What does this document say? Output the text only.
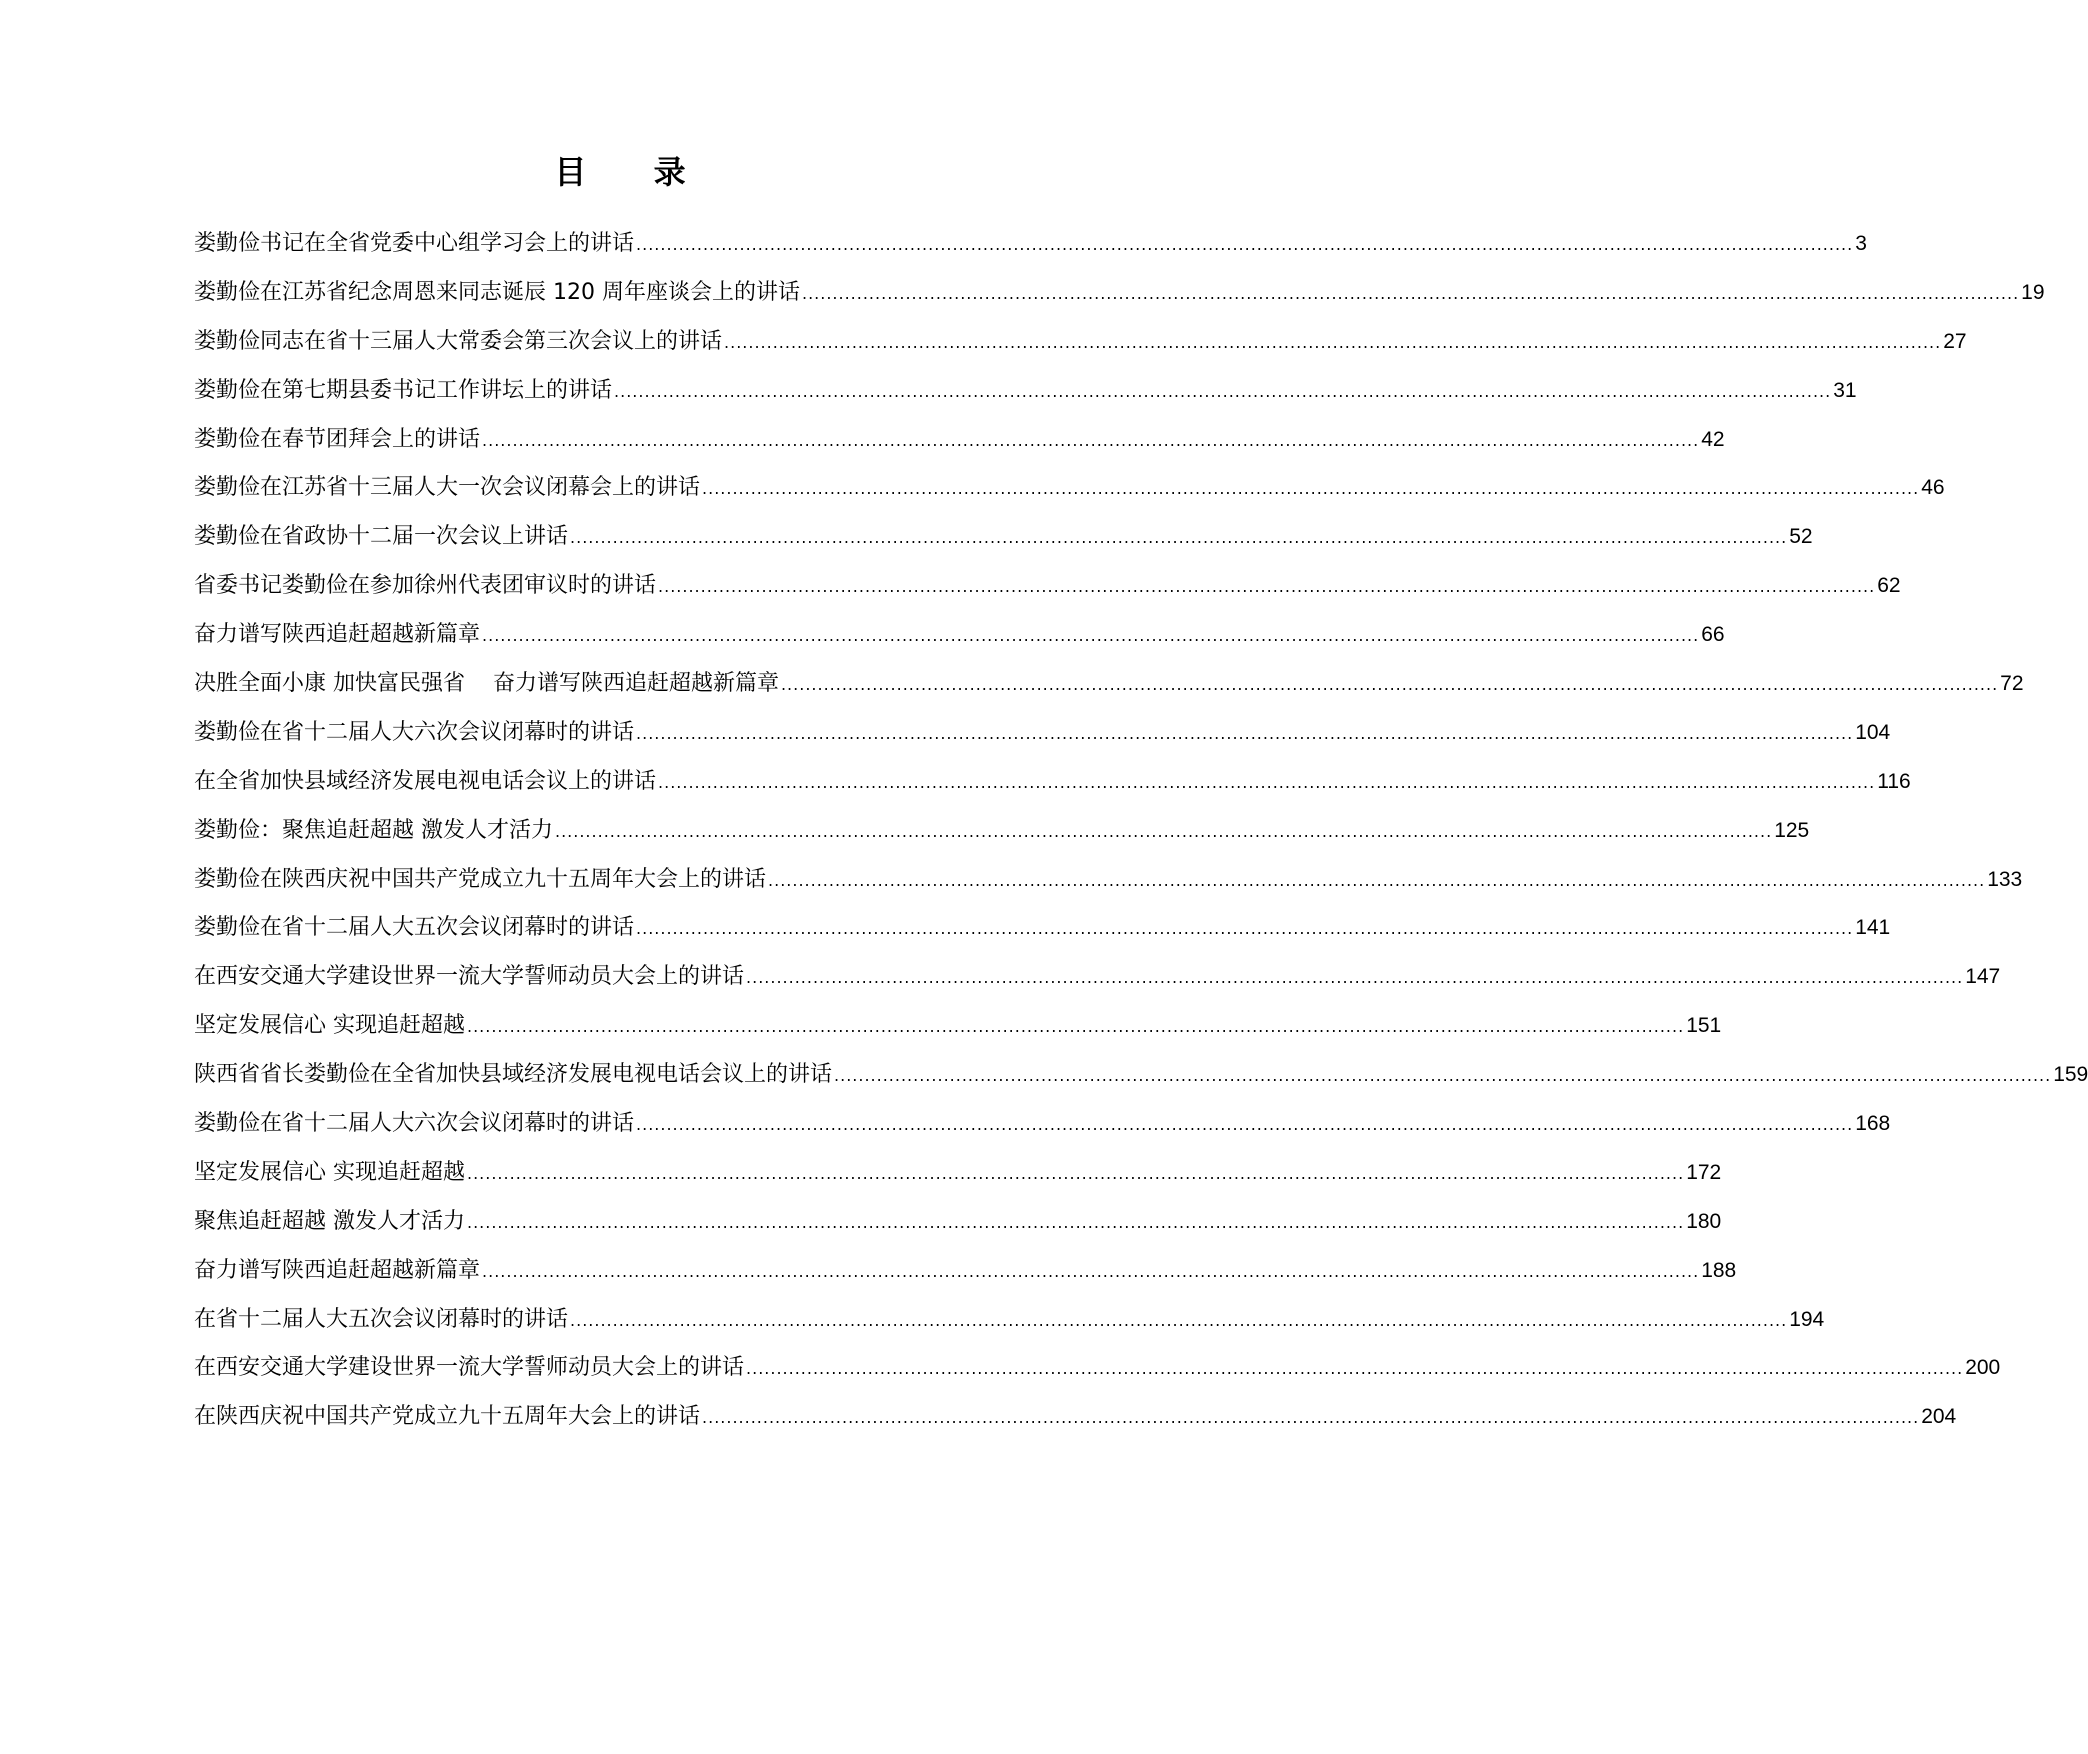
目 录
娄勤俭书记在全省党委中心组学习会上的讲话 ........................................................................................................................................................................................................ 3
娄勤俭在江苏省纪念周恩来同志诞辰 120 周年座谈会上的讲话 ........................................................................................................................................................................................................ 19
娄勤俭同志在省十三届人大常委会第三次会议上的讲话 ........................................................................................................................................................................................................ 27
娄勤俭在第七期县委书记工作讲坛上的讲话 ........................................................................................................................................................................................................ 31
娄勤俭在春节团拜会上的讲话 ........................................................................................................................................................................................................ 42
娄勤俭在江苏省十三届人大一次会议闭幕会上的讲话 ........................................................................................................................................................................................................ 46
娄勤俭在省政协十二届一次会议上讲话 ........................................................................................................................................................................................................ 52
省委书记娄勤俭在参加徐州代表团审议时的讲话 ........................................................................................................................................................................................................ 62
奋力谱写陕西追赶超越新篇章 ........................................................................................................................................................................................................ 66
决胜全面小康 加快富民强省    奋力谱写陕西追赶超越新篇章 ........................................................................................................................................................................................................ 72
娄勤俭在省十二届人大六次会议闭幕时的讲话 ........................................................................................................................................................................................................ 104
在全省加快县域经济发展电视电话会议上的讲话 ........................................................................................................................................................................................................ 116
娄勤俭：聚焦追赶超越 激发人才活力 ........................................................................................................................................................................................................ 125
娄勤俭在陕西庆祝中国共产党成立九十五周年大会上的讲话 ........................................................................................................................................................................................................ 133
娄勤俭在省十二届人大五次会议闭幕时的讲话 ........................................................................................................................................................................................................ 141
在西安交通大学建设世界一流大学誓师动员大会上的讲话 ........................................................................................................................................................................................................ 147
坚定发展信心 实现追赶超越 ........................................................................................................................................................................................................ 151
陕西省省长娄勤俭在全省加快县域经济发展电视电话会议上的讲话 ........................................................................................................................................................................................................ 159
娄勤俭在省十二届人大六次会议闭幕时的讲话 ........................................................................................................................................................................................................ 168
坚定发展信心 实现追赶超越 ........................................................................................................................................................................................................ 172
聚焦追赶超越 激发人才活力 ........................................................................................................................................................................................................ 180
奋力谱写陕西追赶超越新篇章 ........................................................................................................................................................................................................ 188
在省十二届人大五次会议闭幕时的讲话 ........................................................................................................................................................................................................ 194
在西安交通大学建设世界一流大学誓师动员大会上的讲话 ........................................................................................................................................................................................................ 200
在陕西庆祝中国共产党成立九十五周年大会上的讲话 ........................................................................................................................................................................................................ 204
